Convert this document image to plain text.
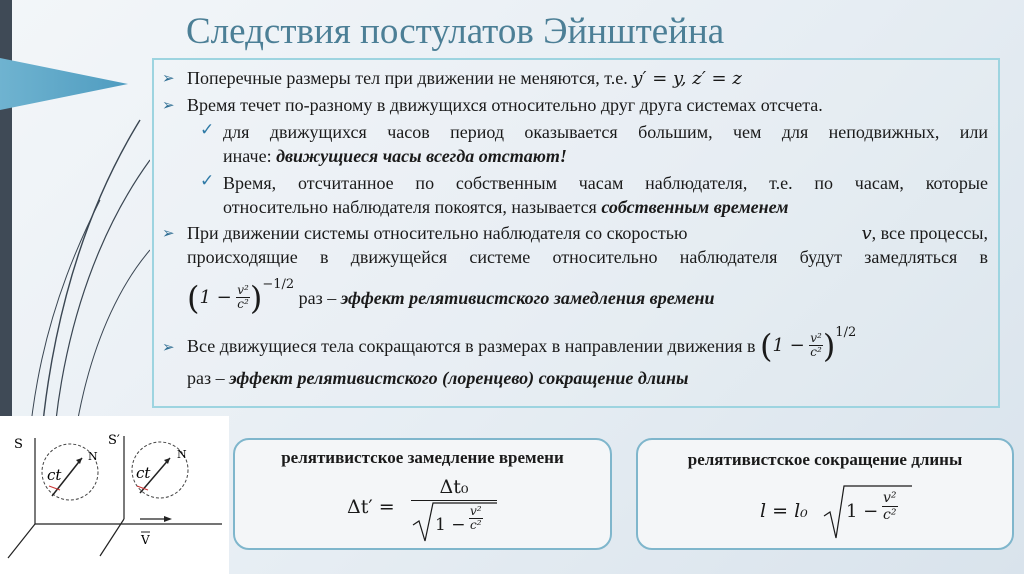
Следствия постулатов Эйнштейна
➢ Поперечные размеры тел при движении не меняются, т.е. y′ = y, z′ = z
➢ Время течет по-разному в движущихся относительно друг друга системах отсчета.
✓ для движущихся часов период оказывается большим, чем для неподвижных, или
иначе: движущиеся часы всегда отстают!
✓ Время, отсчитанное по собственным часам наблюдателя, т.е. по часам, которые
относительно наблюдателя покоятся, называется собственным временем
➢ При движении системы относительно наблюдателя со скоростью	v, все процессы,
происходящие в движущейся системе относительно наблюдателя будут замедляться в
$(1 - \frac{\text{v²}}{\text{c²}} )^{-1/2}$ раз – эффект релятивистского замедления времени
➢ Все движущиеся тела сокращаются в размерах в направлении движения в $(1 - \frac{\text{v²}}{\text{c²}} )^{1/2}$
раз – эффект релятивистского (лоренцево) сокращение длины
S	S′
ct	ct
N	N
V
релятивистское замедление времени
Δt′ =
Δt₀
$1 - \frac{\text{v²}}{\text{c²}}$
релятивистское сокращение длины
l = l₀ $1 - \frac{\text{v²}}{\text{c²}}$
